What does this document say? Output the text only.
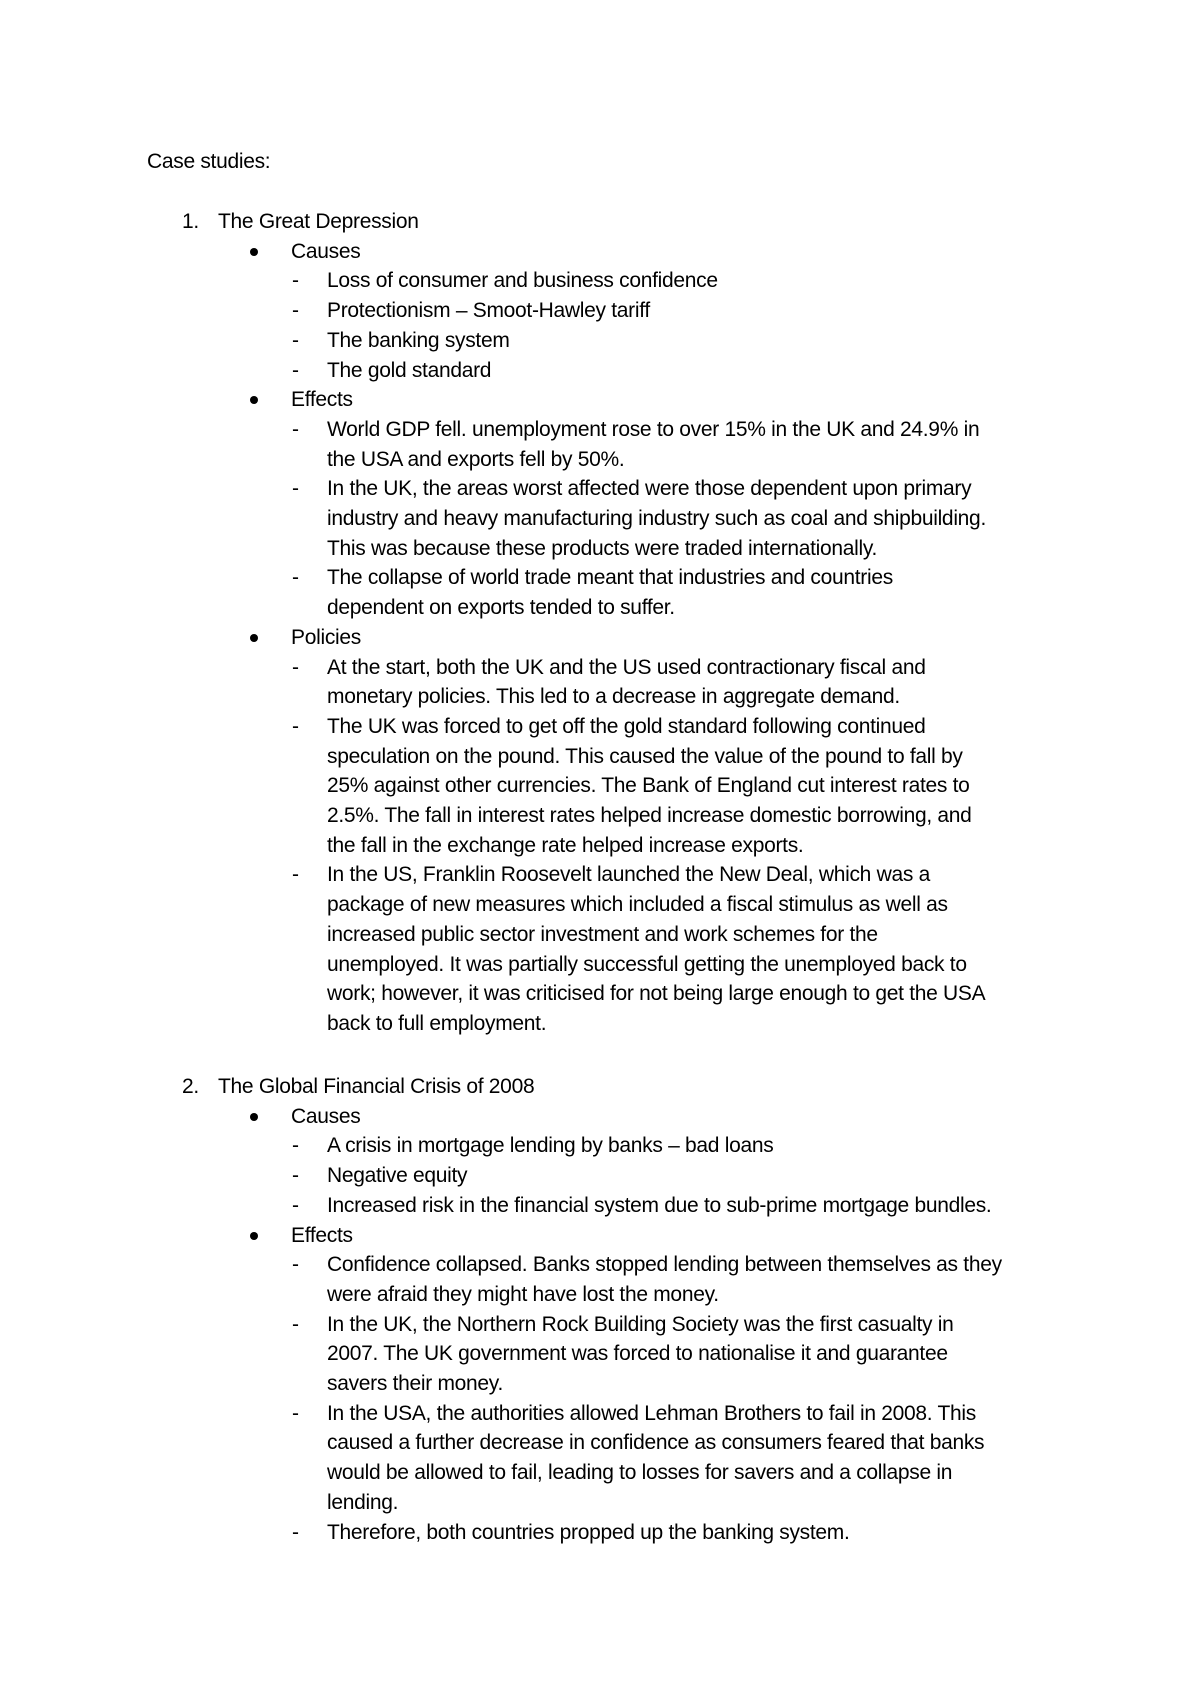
Case studies:
1. The Great Depression
Causes
- Loss of consumer and business confidence
- Protectionism – Smoot-Hawley tariff
- The banking system
- The gold standard
Effects
- World GDP fell. unemployment rose to over 15% in the UK and 24.9% in
the USA and exports fell by 50%.
- In the UK, the areas worst affected were those dependent upon primary
industry and heavy manufacturing industry such as coal and shipbuilding.
This was because these products were traded internationally.
- The collapse of world trade meant that industries and countries
dependent on exports tended to suffer.
Policies
- At the start, both the UK and the US used contractionary fiscal and
monetary policies. This led to a decrease in aggregate demand.
- The UK was forced to get off the gold standard following continued
speculation on the pound. This caused the value of the pound to fall by
25% against other currencies. The Bank of England cut interest rates to
2.5%. The fall in interest rates helped increase domestic borrowing, and
the fall in the exchange rate helped increase exports.
- In the US, Franklin Roosevelt launched the New Deal, which was a
package of new measures which included a fiscal stimulus as well as
increased public sector investment and work schemes for the
unemployed. It was partially successful getting the unemployed back to
work; however, it was criticised for not being large enough to get the USA
back to full employment.
2. The Global Financial Crisis of 2008
Causes
- A crisis in mortgage lending by banks – bad loans
- Negative equity
- Increased risk in the financial system due to sub-prime mortgage bundles.
Effects
- Confidence collapsed. Banks stopped lending between themselves as they
were afraid they might have lost the money.
- In the UK, the Northern Rock Building Society was the first casualty in
2007. The UK government was forced to nationalise it and guarantee
savers their money.
- In the USA, the authorities allowed Lehman Brothers to fail in 2008. This
caused a further decrease in confidence as consumers feared that banks
would be allowed to fail, leading to losses for savers and a collapse in
lending.
- Therefore, both countries propped up the banking system.
